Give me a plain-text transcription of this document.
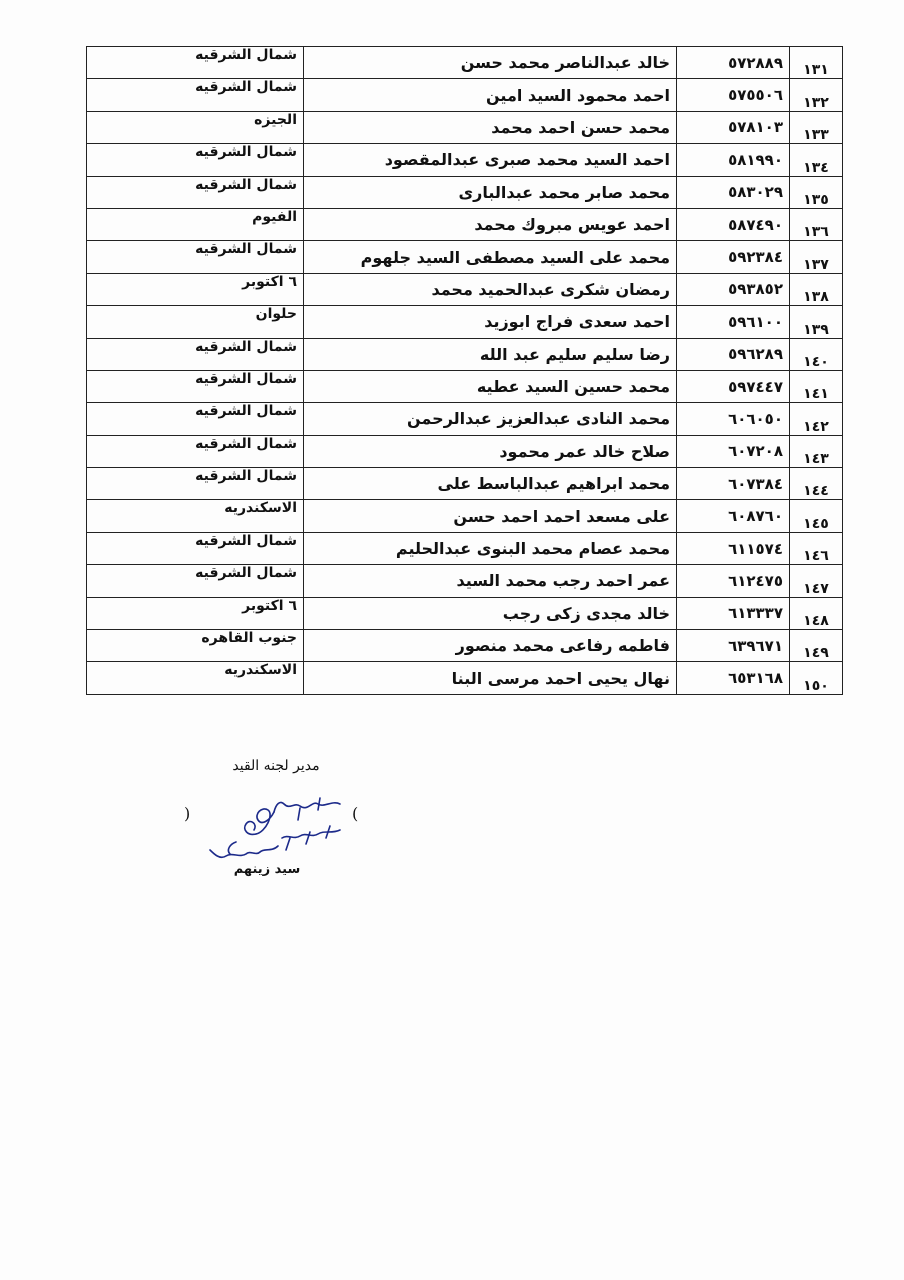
١٣١	٥٧٢٨٨٩	خالد عبدالناصر محمد حسن	شمال الشرقيه
١٣٢	٥٧٥٥٠٦	احمد محمود السيد امين	شمال الشرقيه
١٣٣	٥٧٨١٠٣	محمد حسن احمد محمد	الجيزه
١٣٤	٥٨١٩٩٠	احمد السيد محمد صبرى عبدالمقصود	شمال الشرقيه
١٣٥	٥٨٣٠٢٩	محمد صابر محمد عبدالبارى	شمال الشرقيه
١٣٦	٥٨٧٤٩٠	احمد عويس مبروك محمد	الفيوم
١٣٧	٥٩٢٣٨٤	محمد على السيد مصطفى السيد جلهوم	شمال الشرقيه
١٣٨	٥٩٣٨٥٢	رمضان شكرى عبدالحميد محمد	٦ اكتوبر
١٣٩	٥٩٦١٠٠	احمد سعدى فراج ابوزيد	حلوان
١٤٠	٥٩٦٢٨٩	رضا سليم سليم عبد الله	شمال الشرقيه
١٤١	٥٩٧٤٤٧	محمد حسين السيد عطيه	شمال الشرقيه
١٤٢	٦٠٦٠٥٠	محمد النادى عبدالعزيز عبدالرحمن	شمال الشرقيه
١٤٣	٦٠٧٢٠٨	صلاح خالد عمر محمود	شمال الشرقيه
١٤٤	٦٠٧٣٨٤	محمد ابراهيم عبدالباسط على	شمال الشرقيه
١٤٥	٦٠٨٧٦٠	على مسعد احمد احمد حسن	الاسكندريه
١٤٦	٦١١٥٧٤	محمد عصام محمد البنوى عبدالحليم	شمال الشرقيه
١٤٧	٦١٢٤٧٥	عمر احمد رجب محمد السيد	شمال الشرقيه
١٤٨	٦١٣٣٣٧	خالد مجدى زكى رجب	٦ اكتوبر
١٤٩	٦٣٩٦٧١	فاطمه رفاعى محمد منصور	جنوب القاهره
١٥٠	٦٥٣١٦٨	نهال يحيى احمد مرسى البنا	الاسكندريه
مدير لجنه القيد
)	(
سيد زينهم
